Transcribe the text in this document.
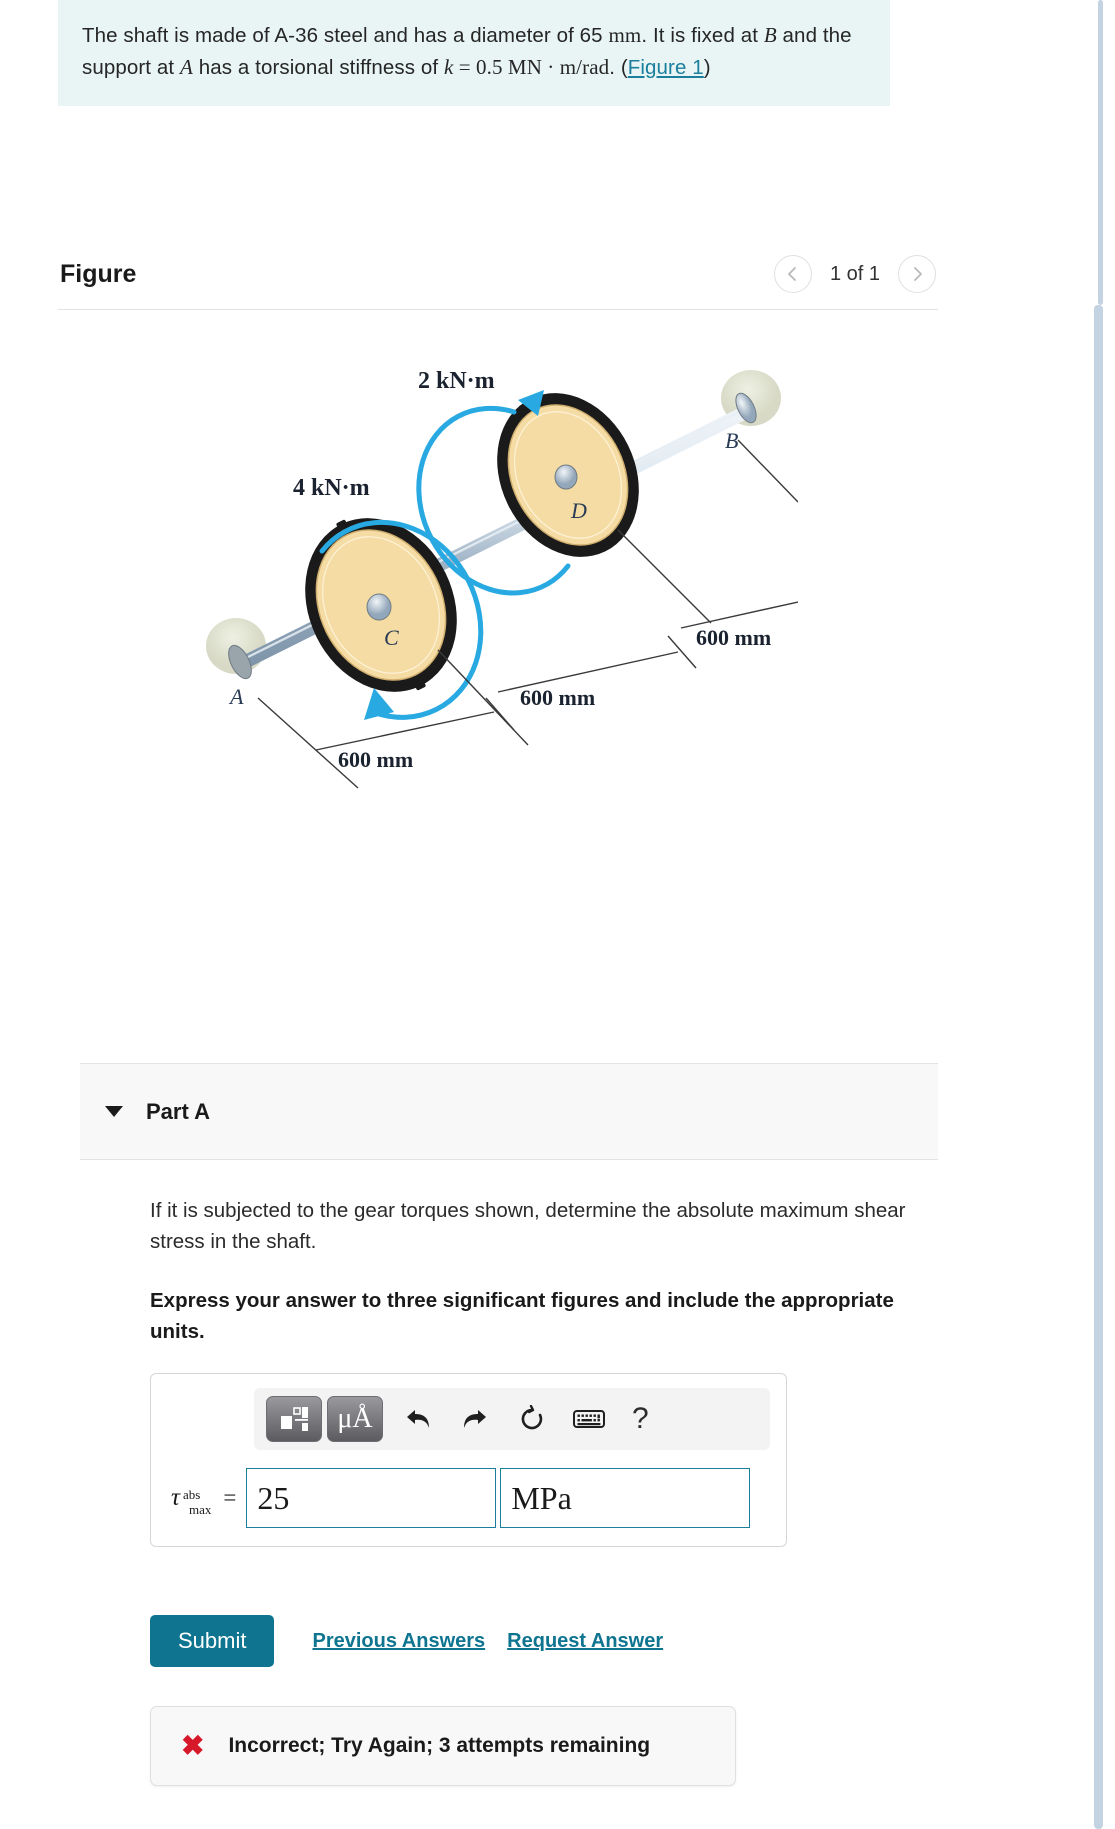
The shaft is made of A-36 steel and has a diameter of 65 mm. It is fixed at B and the support at A has a torsional stiffness of k = 0.5 MN · m/rad. (Figure 1)
Figure	1 of 1
A
B
C
D
4 kN·m
2 kN·m
600 mm
600 mm
600 mm
Part A
If it is subjected to the gear torques shown, determine the absolute maximum shear stress in the shaft.
Express your answer to three significant figures and include the appropriate units.
μÅ	?
τ abs
max =
25
MPa
Submit	Previous Answers Request Answer
✖ Incorrect; Try Again; 3 attempts remaining
